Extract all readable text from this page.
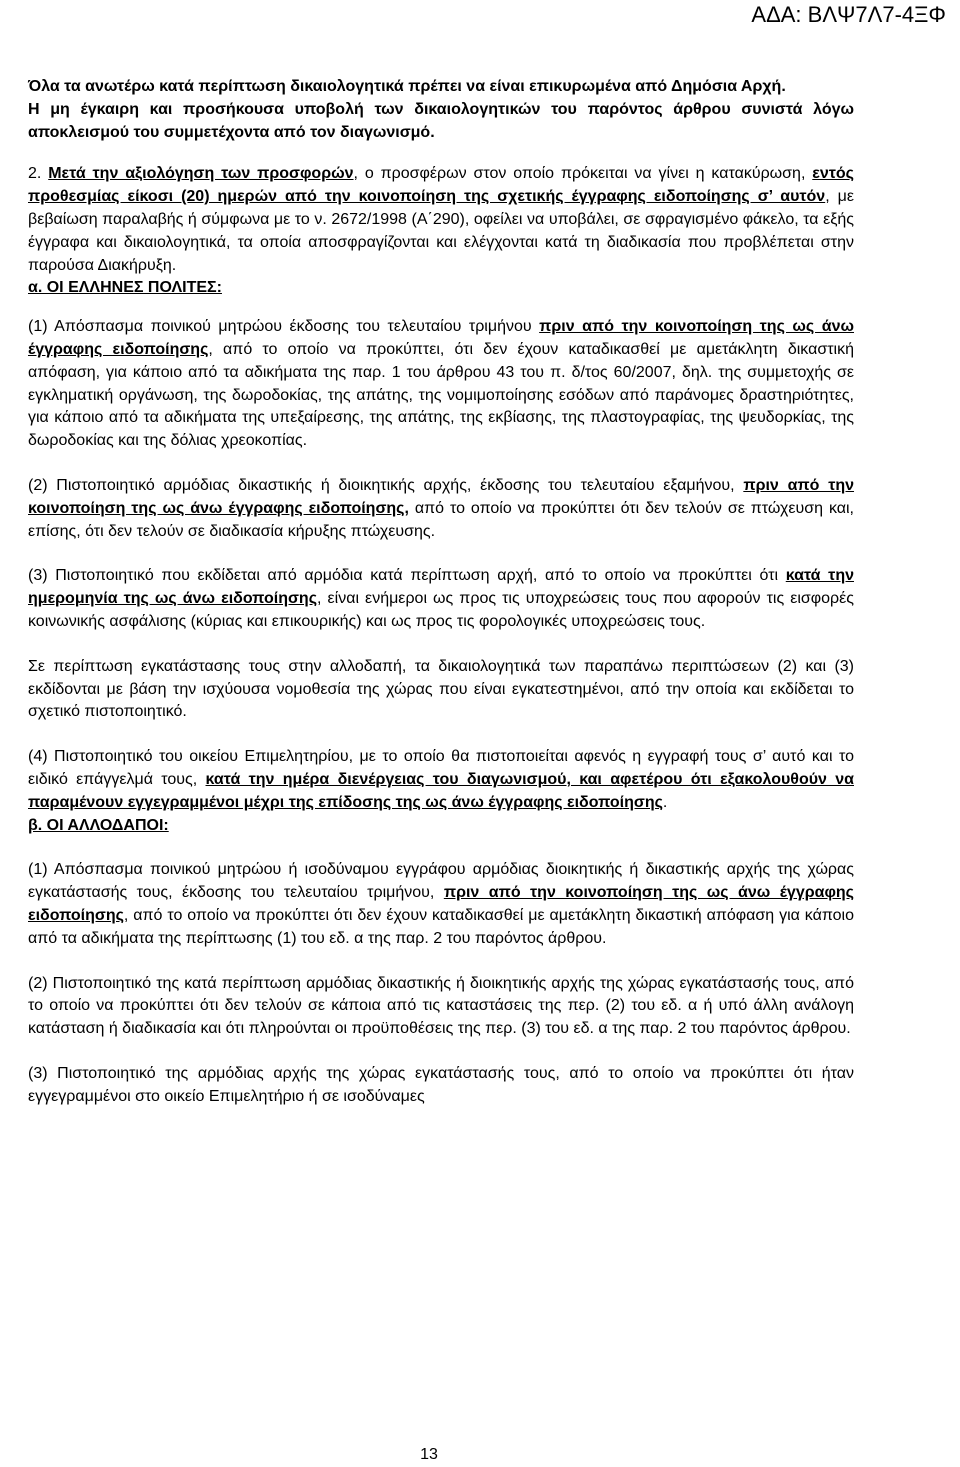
ΑΔΑ: ΒΛΨ7Λ7-4ΞΦ

Όλα τα ανωτέρω κατά περίπτωση δικαιολογητικά πρέπει να είναι επικυρωμένα από Δημόσια Αρχή.

Η μη έγκαιρη και προσήκουσα υποβολή των δικαιολογητικών του παρόντος άρθρου συνιστά λόγω αποκλεισμού του συμμετέχοντα από τον διαγωνισμό.

2. Μετά την αξιολόγηση των προσφορών, ο προσφέρων στον οποίο πρόκειται να γίνει η κατακύρωση, εντός προθεσμίας είκοσι (20) ημερών από την κοινοποίηση της σχετικής έγγραφης ειδοποίησης σ’ αυτόν, με βεβαίωση παραλαβής ή σύμφωνα με το ν. 2672/1998 (Α΄290), οφείλει να υποβάλει, σε σφραγισμένο φάκελο, τα εξής έγγραφα και δικαιολογητικά, τα οποία αποσφραγίζονται και ελέγχονται κατά τη διαδικασία που προβλέπεται στην παρούσα Διακήρυξη.

α. ΟΙ ΕΛΛΗΝΕΣ ΠΟΛΙΤΕΣ:

(1) Απόσπασμα ποινικού μητρώου έκδοσης του τελευταίου τριμήνου πριν από την κοινοποίηση της ως άνω έγγραφης ειδοποίησης, από το οποίο να προκύπτει, ότι δεν έχουν καταδικασθεί με αμετάκλητη δικαστική απόφαση, για κάποιο από τα αδικήματα της παρ. 1 του άρθρου 43 του π. δ/τος 60/2007, δηλ. της συμμετοχής σε εγκληματική οργάνωση, της δωροδοκίας, της απάτης, της νομιμοποίησης εσόδων από παράνομες δραστηριότητες, για κάποιο από τα αδικήματα της υπεξαίρεσης, της απάτης, της εκβίασης, της πλαστογραφίας, της ψευδορκίας, της δωροδοκίας και της δόλιας χρεοκοπίας.

(2) Πιστοποιητικό αρμόδιας δικαστικής ή διοικητικής αρχής, έκδοσης του τελευταίου εξαμήνου, πριν από την κοινοποίηση της ως άνω έγγραφης ειδοποίησης, από το οποίο να προκύπτει ότι δεν τελούν σε πτώχευση και, επίσης, ότι δεν τελούν σε διαδικασία κήρυξης πτώχευσης.

(3) Πιστοποιητικό που εκδίδεται από αρμόδια κατά περίπτωση αρχή, από το οποίο να προκύπτει ότι κατά την ημερομηνία της ως άνω ειδοποίησης, είναι ενήμεροι ως προς τις υποχρεώσεις τους που αφορούν τις εισφορές κοινωνικής ασφάλισης (κύριας και επικουρικής) και ως προς τις φορολογικές υποχρεώσεις τους.

Σε περίπτωση εγκατάστασης τους στην αλλοδαπή, τα δικαιολογητικά των παραπάνω περιπτώσεων (2) και (3) εκδίδονται με βάση την ισχύουσα νομοθεσία της χώρας που είναι εγκατεστημένοι, από την οποία και εκδίδεται το σχετικό πιστοποιητικό.

(4) Πιστοποιητικό του οικείου Επιμελητηρίου, με το οποίο θα πιστοποιείται αφενός η εγγραφή τους σ’ αυτό και το ειδικό επάγγελμά τους, κατά την ημέρα διενέργειας του διαγωνισμού, και αφετέρου ότι εξακολουθούν να παραμένουν εγγεγραμμένοι μέχρι της επίδοσης της ως άνω έγγραφης ειδοποίησης.

β. ΟΙ ΑΛΛΟΔΑΠΟΙ:

(1) Απόσπασμα ποινικού μητρώου ή ισοδύναμου εγγράφου αρμόδιας διοικητικής ή δικαστικής αρχής της χώρας εγκατάστασής τους, έκδοσης του τελευταίου τριμήνου, πριν από την κοινοποίηση της ως άνω έγγραφης ειδοποίησης, από το οποίο να προκύπτει ότι δεν έχουν καταδικασθεί με αμετάκλητη δικαστική απόφαση για κάποιο από τα αδικήματα της περίπτωσης (1) του εδ. α της παρ. 2 του παρόντος άρθρου.

(2) Πιστοποιητικό της κατά περίπτωση αρμόδιας δικαστικής ή διοικητικής αρχής της χώρας εγκατάστασής τους, από το οποίο να προκύπτει ότι δεν τελούν σε κάποια από τις καταστάσεις της περ. (2) του εδ. α ή υπό άλλη ανάλογη κατάσταση ή διαδικασία και ότι πληρούνται οι προϋποθέσεις της περ. (3) του εδ. α της παρ. 2 του παρόντος άρθρου.

(3) Πιστοποιητικό της αρμόδιας αρχής της χώρας εγκατάστασής τους, από το οποίο να προκύπτει ότι ήταν εγγεγραμμένοι στο οικείο Επιμελητήριο ή σε ισοδύναμες

13
